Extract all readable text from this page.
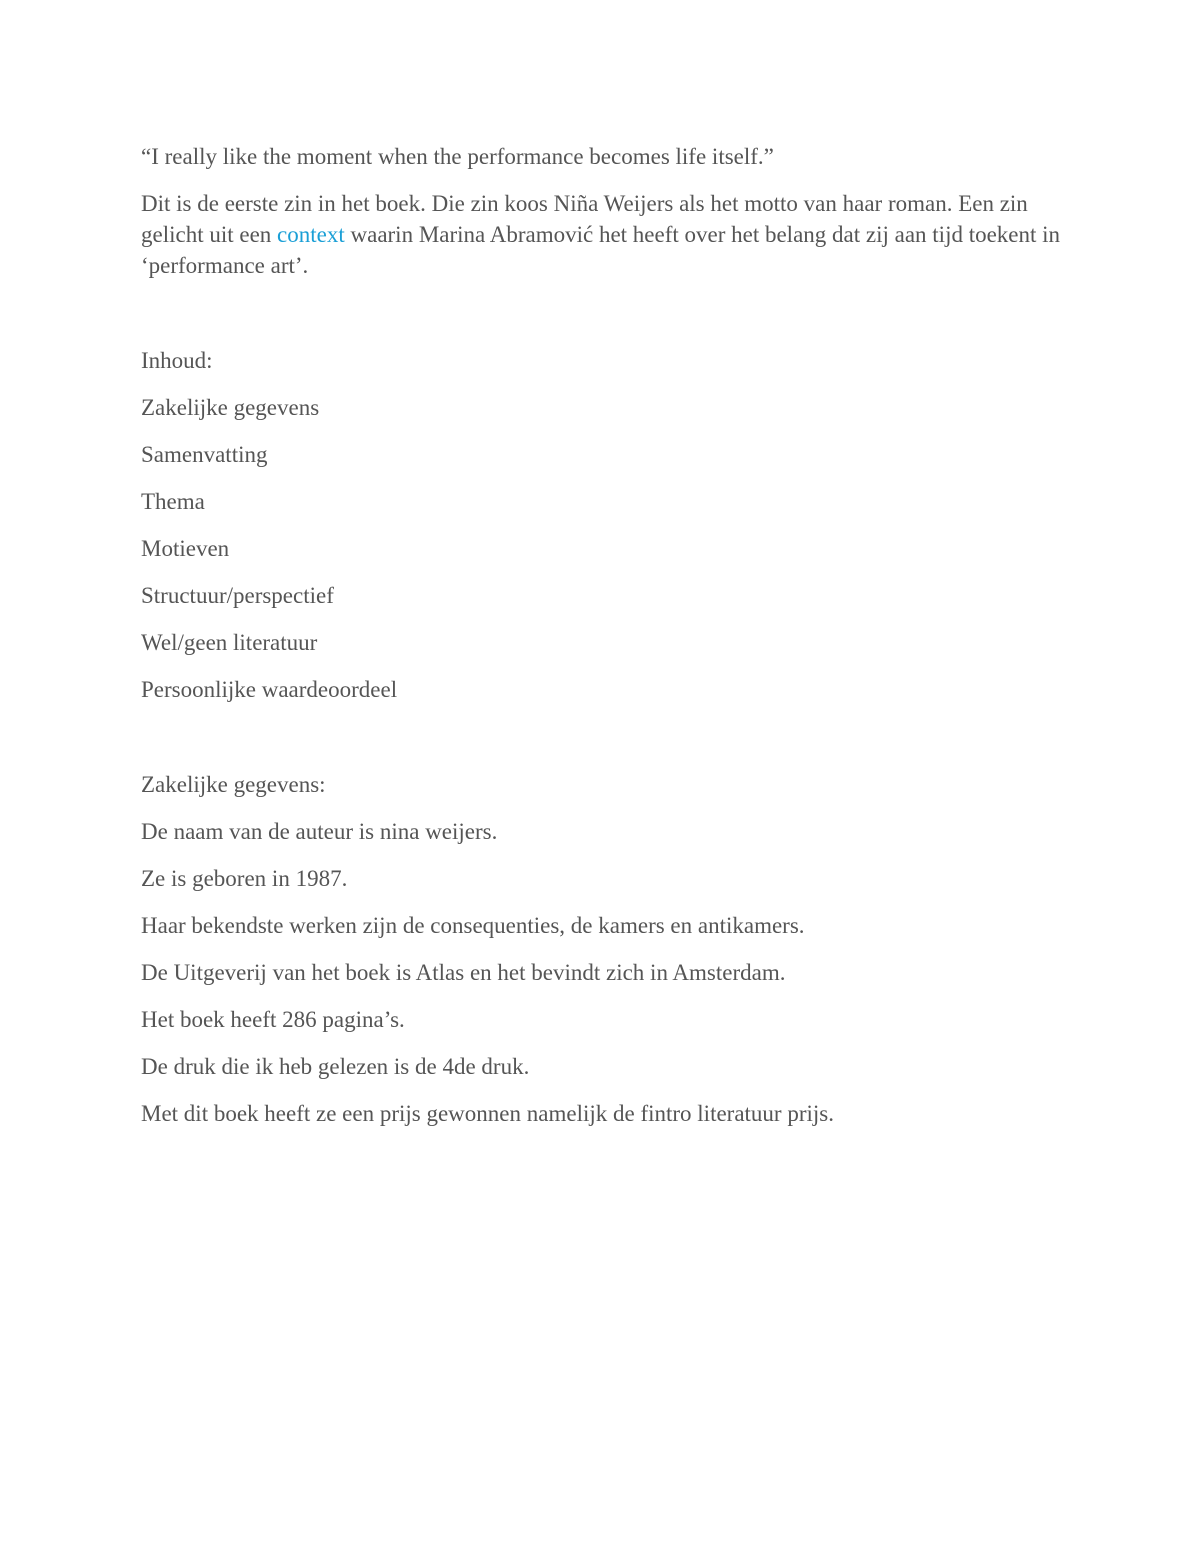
“I really like the moment when the performance becomes life itself.”

Dit is de eerste zin in het boek. Die zin koos Niña Weijers als het motto van haar roman. Een zin gelicht uit een context waarin Marina Abramović het heeft over het belang dat zij aan tijd toekent in ‘performance art’.

Inhoud:

Zakelijke gegevens
Samenvatting
Thema
Motieven
Structuur/perspectief
Wel/geen literatuur
Persoonlijke waardeoordeel

Zakelijke gegevens:

De naam van de auteur is nina weijers.
Ze is geboren in 1987.
Haar bekendste werken zijn de consequenties, de kamers en antikamers.
De Uitgeverij van het boek is Atlas en het bevindt zich in Amsterdam.
Het boek heeft 286 pagina’s.
De druk die ik heb gelezen is de 4de druk.
Met dit boek heeft ze een prijs gewonnen namelijk de fintro literatuur prijs.
